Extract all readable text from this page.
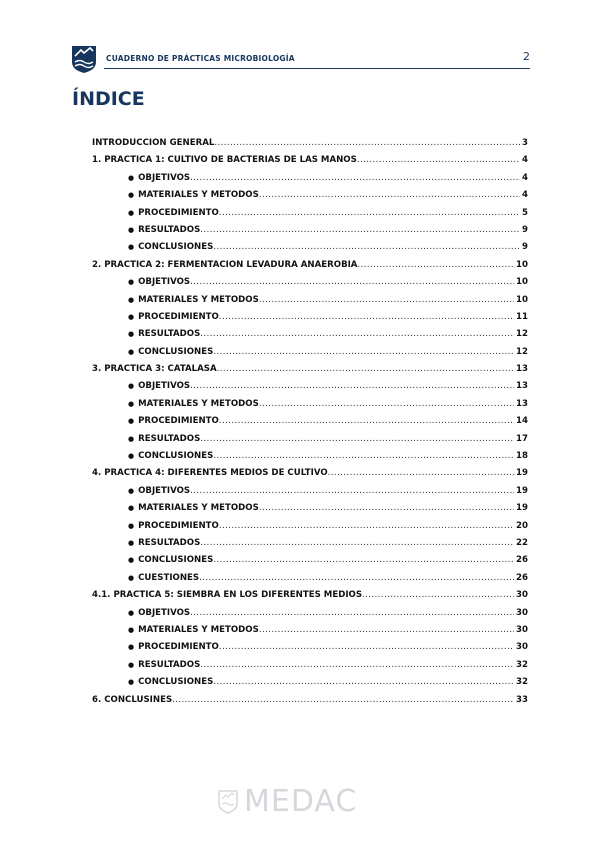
CUADERNO DE PRÁCTICAS MICROBIOLOGÍA	2
ÍNDICE
INTRODUCCIÓN GENERAL .....	3
1. PRÁCTICA 1: CULTIVO DE BACTERIAS DE LAS MANOS .....	4
● OBJETIVOS .....	4
● MATERIALES Y MÉTODOS .....	4
● PROCEDIMIENTO .....	5
● RESULTADOS .....	9
● CONCLUSIONES .....	9
2. PRÁCTICA 2: FERMENTACIÓN LEVADURA ANAEROBIA .....	10
● OBJETIVOS .....	10
● MATERIALES Y MÉTODOS .....	10
● PROCEDIMIENTO .....	11
● RESULTADOS .....	12
● CONCLUSIONES .....	12
3. PRÁCTICA 3: CATALASA .....	13
● OBJETIVOS .....	13
● MATERIALES Y MÉTODOS .....	13
● PROCEDIMIENTO .....	14
● RESULTADOS .....	17
● CONCLUSIONES .....	18
4. PRÁCTICA 4: DIFERENTES MEDIOS DE CULTIVO .....	19
● OBJETIVOS .....	19
● MATERIALES Y MÉTODOS .....	19
● PROCEDIMIENTO .....	20
● RESULTADOS .....	22
● CONCLUSIONES .....	26
● CUESTIONES .....	26
4.1. PRÁCTICA 5: SIEMBRA EN LOS DIFERENTES MEDIOS .....	30
● OBJETIVOS .....	30
● MATERIALES Y MÉTODOS .....	30
● PROCEDIMIENTO .....	30
● RESULTADOS .....	32
● CONCLUSIONES .....	32
6. CONCLUSINES .....	33
MEDAC
